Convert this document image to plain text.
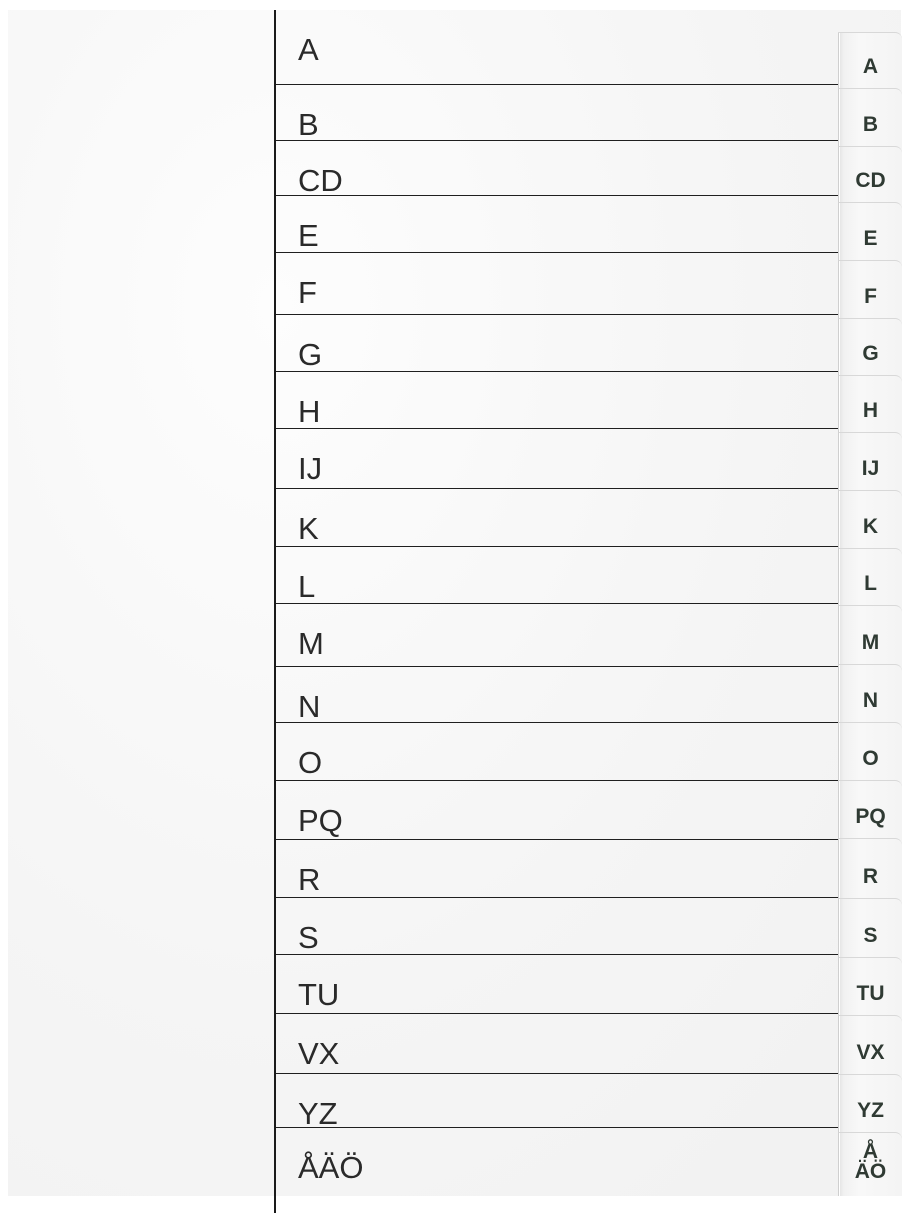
A
B
CD
E
F
G
H
IJ
K
L
M
N
O
PQ
R
S
TU
VX
YZ
ÅÄÖ
A
B
CD
E
F
G
H
IJ
K
L
M
N
O
PQ
R
S
TU
VX
YZ
Å
ÄÖ
